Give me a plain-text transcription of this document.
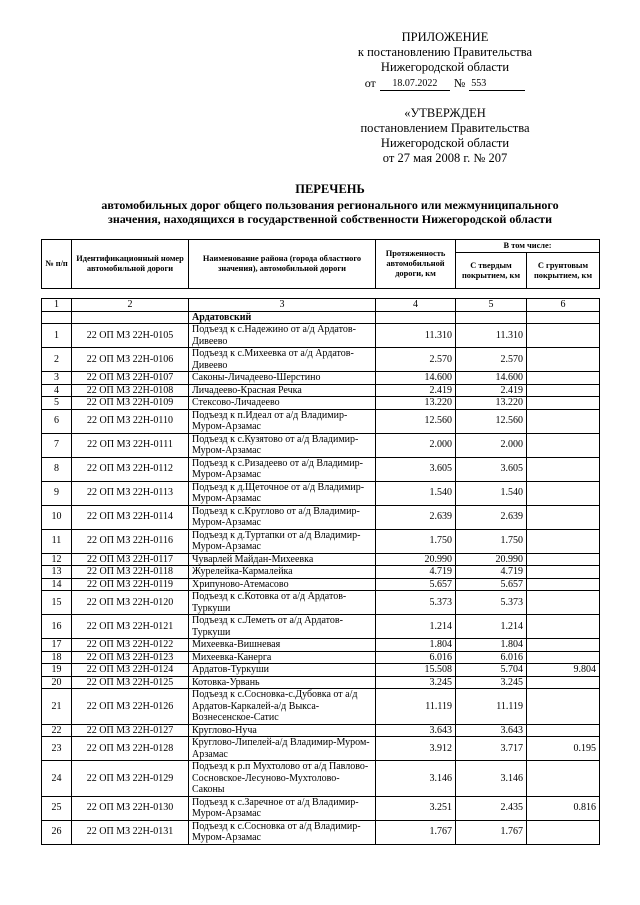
ПРИЛОЖЕНИЕ
к постановлению Правительства
Нижегородской области
от	18.07.2022	№ 553
«УТВЕРЖДЕН
постановлением Правительства
Нижегородской области
от 27 мая 2008 г. № 207
ПЕРЕЧЕНЬ
автомобильных дорог общего пользования регионального или межмуниципального
значения, находящихся в государственной собственности Нижегородской области
№ п/п	Идентификационный номер автомобильной дороги	Наименование района (города областного значения), автомобильной дороги	Протяженность автомобильной дороги, км	В том числе:	
				С твердым покрытием, км	С грунтовым покрытием, км
1	2	3	4	5	6
		Ардатовский			
1	22 ОП МЗ 22Н-0105	Подъезд к с.Надежино от а/д Ардатов-Дивеево	11.310	11.310	
2	22 ОП МЗ 22Н-0106	Подъезд к с.Михеевка от а/д Ардатов-Дивеево	2.570	2.570	
3	22 ОП МЗ 22Н-0107	Саконы-Личадеево-Шерстино	14.600	14.600	
4	22 ОП МЗ 22Н-0108	Личадеево-Красная Речка	2.419	2.419	
5	22 ОП МЗ 22Н-0109	Стексово-Личадеево	13.220	13.220	
6	22 ОП МЗ 22Н-0110	Подъезд к п.Идеал от а/д Владимир-Муром-Арзамас	12.560	12.560	
7	22 ОП МЗ 22Н-0111	Подъезд к с.Кузятово от а/д Владимир-Муром-Арзамас	2.000	2.000	
8	22 ОП МЗ 22Н-0112	Подъезд к с.Ризадеево от а/д Владимир-Муром-Арзамас	3.605	3.605	
9	22 ОП МЗ 22Н-0113	Подъезд к д.Щеточное от а/д Владимир-Муром-Арзамас	1.540	1.540	
10	22 ОП МЗ 22Н-0114	Подъезд к с.Круглово от а/д Владимир-Муром-Арзамас	2.639	2.639	
11	22 ОП МЗ 22Н-0116	Подъезд к д.Туртапки от а/д Владимир-Муром-Арзамас	1.750	1.750	
12	22 ОП МЗ 22Н-0117	Чуварлей Майдан-Михеевка	20.990	20.990	
13	22 ОП МЗ 22Н-0118	Журелейка-Кармалейка	4.719	4.719	
14	22 ОП МЗ 22Н-0119	Хрипуново-Атемасово	5.657	5.657	
15	22 ОП МЗ 22Н-0120	Подъезд к с.Котовка от а/д Ардатов-Туркуши	5.373	5.373	
16	22 ОП МЗ 22Н-0121	Подъезд к с.Леметь от а/д Ардатов-Туркуши	1.214	1.214	
17	22 ОП МЗ 22Н-0122	Михеевка-Вишневая	1.804	1.804	
18	22 ОП МЗ 22Н-0123	Михеевка-Канерга	6.016	6.016	
19	22 ОП МЗ 22Н-0124	Ардатов-Туркуши	15.508	5.704	9.804
20	22 ОП МЗ 22Н-0125	Котовка-Урвань	3.245	3.245	
21	22 ОП МЗ 22Н-0126	Подъезд к с.Сосновка-с.Дубовка от а/д Ардатов-Каркалей-а/д Выкса-Вознесенское-Сатис	11.119	11.119	
22	22 ОП МЗ 22Н-0127	Круглово-Нуча	3.643	3.643	
23	22 ОП МЗ 22Н-0128	Круглово-Липелей-а/д Владимир-Муром-Арзамас	3.912	3.717	0.195
24	22 ОП МЗ 22Н-0129	Подъезд к р.п Мухтолово от а/д Павлово-Сосновское-Лесуново-Мухтолово-Саконы	3.146	3.146	
25	22 ОП МЗ 22Н-0130	Подъезд к с.Заречное от а/д Владимир-Муром-Арзамас	3.251	2.435	0.816
26	22 ОП МЗ 22Н-0131	Подъезд к с.Сосновка от а/д Владимир-Муром-Арзамас	1.767	1.767	
